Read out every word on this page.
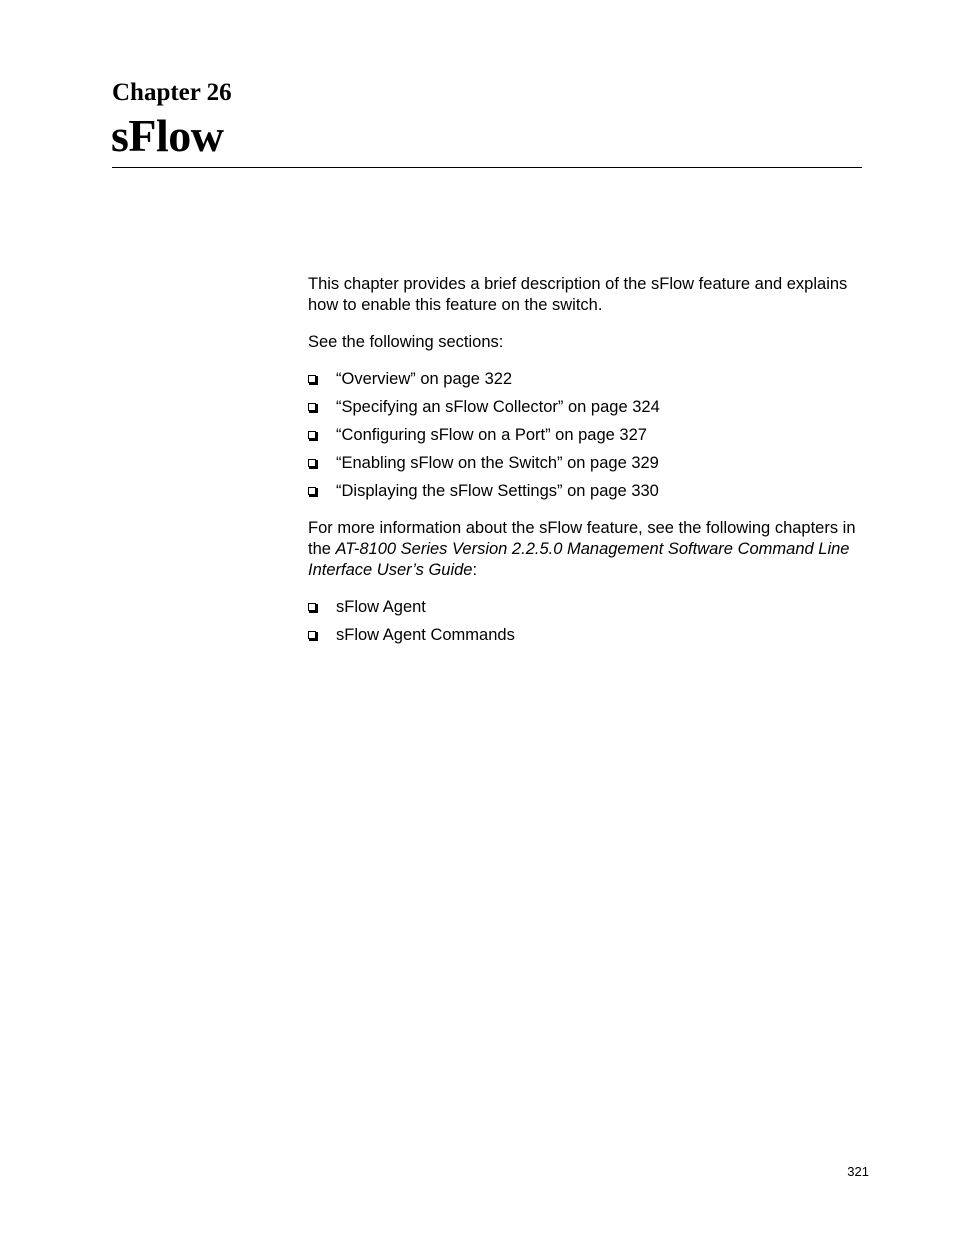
Chapter 26
sFlow

This chapter provides a brief description of the sFlow feature and explains how to enable this feature on the switch.

See the following sections:

“Overview” on page 322
“Specifying an sFlow Collector” on page 324
“Configuring sFlow on a Port” on page 327
“Enabling sFlow on the Switch” on page 329
“Displaying the sFlow Settings” on page 330

For more information about the sFlow feature, see the following chapters in the AT-8100 Series Version 2.2.5.0 Management Software Command Line Interface User’s Guide:

sFlow Agent
sFlow Agent Commands
321
